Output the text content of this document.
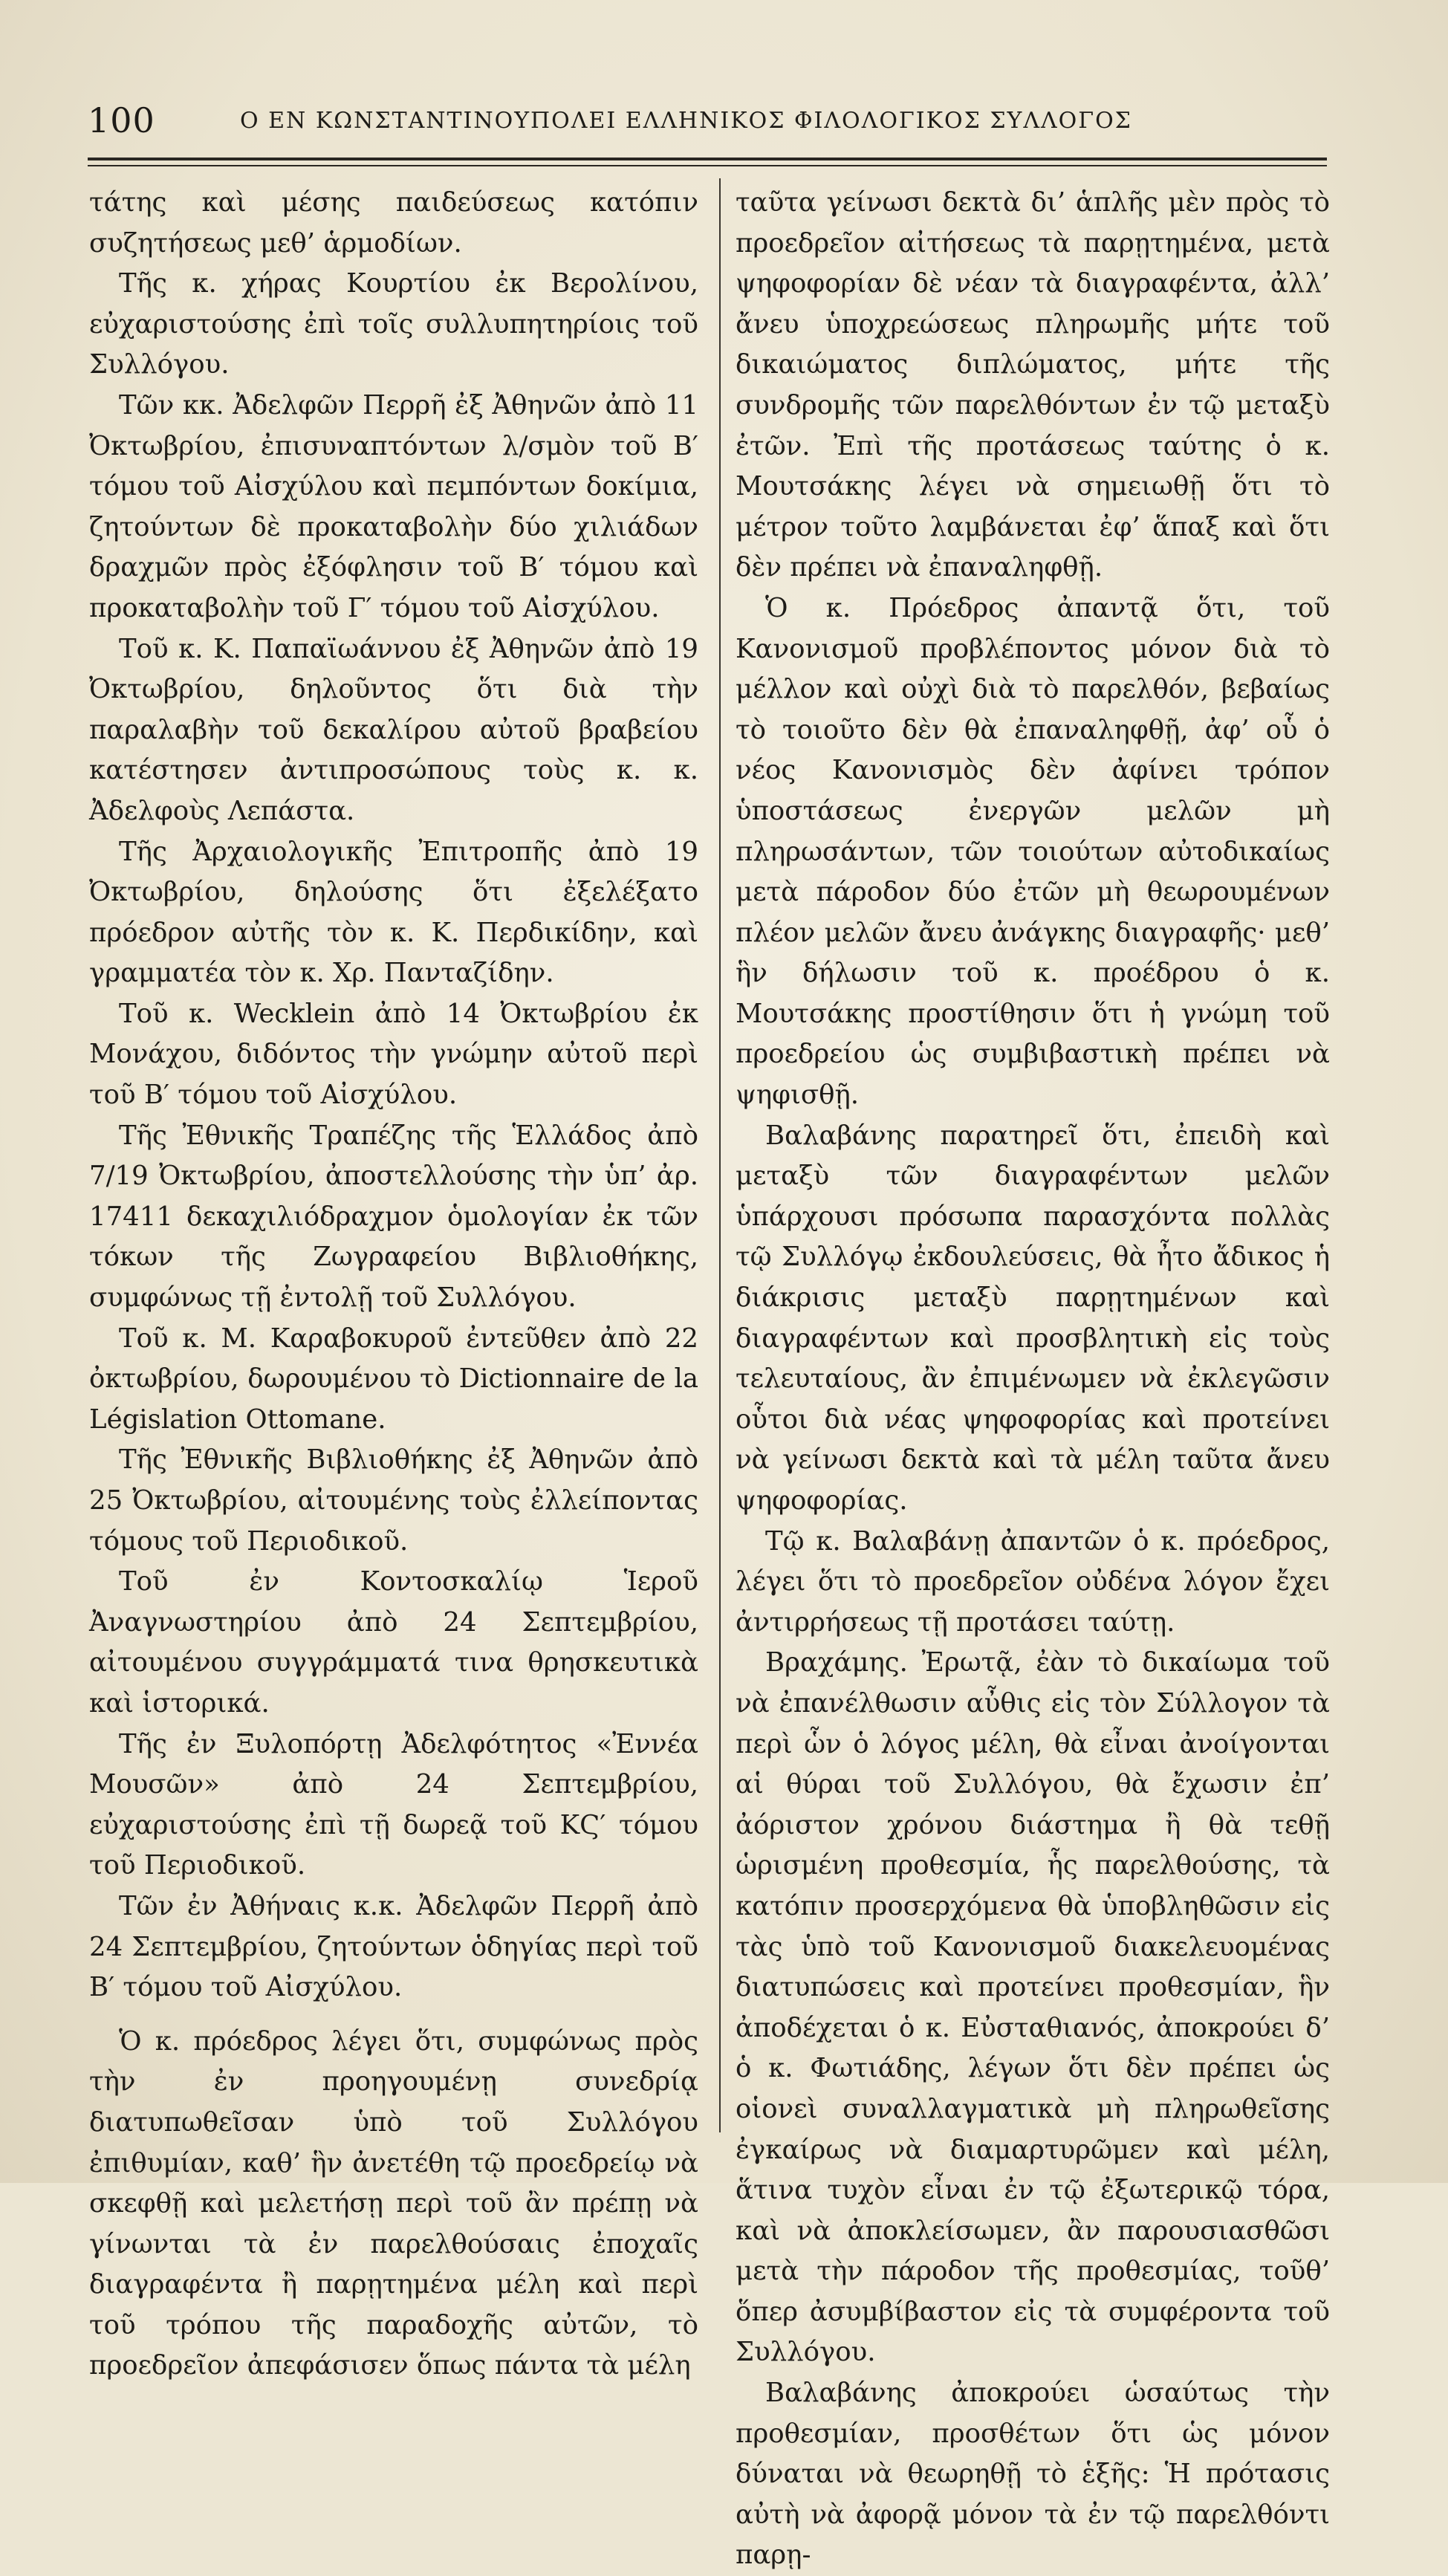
100	Ο ΕΝ ΚΩΝΣΤΑΝΤΙΝΟΥΠΟΛΕΙ ΕΛΛΗΝΙΚΟΣ ΦΙΛΟΛΟΓΙΚΟΣ ΣΥΛΛΟΓΟΣ

τάτης καὶ μέσης παιδεύσεως κατόπιν συζητήσεως μεθ’ ἁρμοδίων.

Τῆς κ. χήρας Κουρτίου ἐκ Βερολίνου, εὐχαριστούσης ἐπὶ τοῖς συλλυπητηρίοις τοῦ Συλλόγου.

Τῶν κκ. Ἀδελφῶν Περρῆ ἐξ Ἀθηνῶν ἀπὸ 11 Ὀκτωβρίου, ἐπισυναπτόντων λ/σμὸν τοῦ Β′ τόμου τοῦ Αἰσχύλου καὶ πεμπόντων δοκίμια, ζητούντων δὲ προκαταβολὴν δύο χιλιάδων δραχμῶν πρὸς ἐξόφλησιν τοῦ Β′ τόμου καὶ προκαταβολὴν τοῦ Γ′ τόμου τοῦ Αἰσχύλου.

Τοῦ κ. Κ. Παπαϊωάννου ἐξ Ἀθηνῶν ἀπὸ 19 Ὀκτωβρίου, δηλοῦντος ὅτι διὰ τὴν παραλαβὴν τοῦ δεκαλίρου αὐτοῦ βραβείου κατέστησεν ἀντιπροσώπους τοὺς κ. κ. Ἀδελφοὺς Λεπάστα.

Τῆς Ἀρχαιολογικῆς Ἐπιτροπῆς ἀπὸ 19 Ὀκτωβρίου, δηλούσης ὅτι ἐξελέξατο πρόεδρον αὐτῆς τὸν κ. Κ. Περδικίδην, καὶ γραμματέα τὸν κ. Χρ. Πανταζίδην.

Τοῦ κ. Wecklein ἀπὸ 14 Ὀκτωβρίου ἐκ Μονάχου, διδόντος τὴν γνώμην αὐτοῦ περὶ τοῦ Β′ τόμου τοῦ Αἰσχύλου.

Τῆς Ἐθνικῆς Τραπέζης τῆς Ἑλλάδος ἀπὸ 7/19 Ὀκτωβρίου, ἀποστελλούσης τὴν ὑπ’ ἀρ. 17411 δεκαχιλιόδραχμον ὁμολογίαν ἐκ τῶν τόκων τῆς Ζωγραφείου Βιβλιοθήκης, συμφώνως τῇ ἐντολῇ τοῦ Συλλόγου.

Τοῦ κ. Μ. Καραβοκυροῦ ἐντεῦθεν ἀπὸ 22 ὀκτωβρίου, δωρουμένου τὸ Dictionnaire de la Législation Ottomane.

Τῆς Ἐθνικῆς Βιβλιοθήκης ἐξ Ἀθηνῶν ἀπὸ 25 Ὀκτωβρίου, αἰτουμένης τοὺς ἐλλείποντας τόμους τοῦ Περιοδικοῦ.

Τοῦ ἐν Κοντοσκαλίῳ Ἱεροῦ Ἀναγνωστηρίου ἀπὸ 24 Σεπτεμβρίου, αἰτουμένου συγγράμματά τινα θρησκευτικὰ καὶ ἱστορικά.

Τῆς ἐν Ξυλοπόρτῃ Ἀδελφότητος «Ἐννέα Μουσῶν» ἀπὸ 24 Σεπτεμβρίου, εὐχαριστούσης ἐπὶ τῇ δωρεᾷ τοῦ ΚϚ′ τόμου τοῦ Περιοδικοῦ.

Τῶν ἐν Ἀθήναις κ.κ. Ἀδελφῶν Περρῆ ἀπὸ 24 Σεπτεμβρίου, ζητούντων ὁδηγίας περὶ τοῦ Β′ τόμου τοῦ Αἰσχύλου.

Ὁ κ. πρόεδρος λέγει ὅτι, συμφώνως πρὸς τὴν ἐν προηγουμένῃ συνεδρίᾳ διατυπωθεῖσαν ὑπὸ τοῦ Συλλόγου ἐπιθυμίαν, καθ’ ἣν ἀνετέθη τῷ προεδρείῳ νὰ σκεφθῇ καὶ μελετήσῃ περὶ τοῦ ἂν πρέπῃ νὰ γίνωνται τὰ ἐν παρελθούσαις ἐποχαῖς διαγραφέντα ἢ παρῃτημένα μέλη καὶ περὶ τοῦ τρόπου τῆς παραδοχῆς αὐτῶν, τὸ προεδρεῖον ἀπεφάσισεν ὅπως πάντα τὰ μέλη

ταῦτα γείνωσι δεκτὰ δι’ ἁπλῆς μὲν πρὸς τὸ προεδρεῖον αἰτήσεως τὰ παρῃτημένα, μετὰ ψηφοφορίαν δὲ νέαν τὰ διαγραφέντα, ἀλλ’ ἄνευ ὑποχρεώσεως πληρωμῆς μήτε τοῦ δικαιώματος διπλώματος, μήτε τῆς συνδρομῆς τῶν παρελθόντων ἐν τῷ μεταξὺ ἐτῶν. Ἐπὶ τῆς προτάσεως ταύτης ὁ κ. Μουτσάκης λέγει νὰ σημειωθῇ ὅτι τὸ μέτρον τοῦτο λαμβάνεται ἐφ’ ἅπαξ καὶ ὅτι δὲν πρέπει νὰ ἐπαναληφθῇ.

Ὁ κ. Πρόεδρος ἀπαντᾷ ὅτι, τοῦ Κανονισμοῦ προβλέποντος μόνον διὰ τὸ μέλλον καὶ οὐχὶ διὰ τὸ παρελθόν, βεβαίως τὸ τοιοῦτο δὲν θὰ ἐπαναληφθῇ, ἀφ’ οὗ ὁ νέος Κανονισμὸς δὲν ἀφίνει τρόπον ὑποστάσεως ἐνεργῶν μελῶν μὴ πληρωσάντων, τῶν τοιούτων αὐτοδικαίως μετὰ πάροδον δύο ἐτῶν μὴ θεωρουμένων πλέον μελῶν ἄνευ ἀνάγκης διαγραφῆς· μεθ’ ἣν δήλωσιν τοῦ κ. προέδρου ὁ κ. Μουτσάκης προστίθησιν ὅτι ἡ γνώμη τοῦ προεδρείου ὡς συμβιβαστικὴ πρέπει νὰ ψηφισθῇ.

Βαλαβάνης παρατηρεῖ ὅτι, ἐπειδὴ καὶ μεταξὺ τῶν διαγραφέντων μελῶν ὑπάρχουσι πρόσωπα παρασχόντα πολλὰς τῷ Συλλόγῳ ἐκδουλεύσεις, θὰ ἦτο ἄδικος ἡ διάκρισις μεταξὺ παρῃτημένων καὶ διαγραφέντων καὶ προσβλητικὴ εἰς τοὺς τελευταίους, ἂν ἐπιμένωμεν νὰ ἐκλεγῶσιν οὗτοι διὰ νέας ψηφοφορίας καὶ προτείνει νὰ γείνωσι δεκτὰ καὶ τὰ μέλη ταῦτα ἄνευ ψηφοφορίας.

Τῷ κ. Βαλαβάνῃ ἀπαντῶν ὁ κ. πρόεδρος, λέγει ὅτι τὸ προεδρεῖον οὐδένα λόγον ἔχει ἀντιρρήσεως τῇ προτάσει ταύτῃ.

Βραχάμης. Ἐρωτᾷ, ἐὰν τὸ δικαίωμα τοῦ νὰ ἐπανέλθωσιν αὖθις εἰς τὸν Σύλλογον τὰ περὶ ὧν ὁ λόγος μέλη, θὰ εἶναι ἀνοίγονται αἱ θύραι τοῦ Συλλόγου, θὰ ἔχωσιν ἐπ’ ἀόριστον χρόνου διάστημα ἢ θὰ τεθῇ ὡρισμένη προθεσμία, ἧς παρελθούσης, τὰ κατόπιν προσερχόμενα θὰ ὑποβληθῶσιν εἰς τὰς ὑπὸ τοῦ Κανονισμοῦ διακελευομένας διατυπώσεις καὶ προτείνει προθεσμίαν, ἣν ἀποδέχεται ὁ κ. Εὐσταθιανός, ἀποκρούει δ’ ὁ κ. Φωτιάδης, λέγων ὅτι δὲν πρέπει ὡς οἱονεὶ συναλλαγματικὰ μὴ πληρωθεῖσης ἐγκαίρως νὰ διαμαρτυρῶμεν καὶ μέλη, ἅτινα τυχὸν εἶναι ἐν τῷ ἐξωτερικῷ τόρα, καὶ νὰ ἀποκλείσωμεν, ἂν παρουσιασθῶσι μετὰ τὴν πάροδον τῆς προθεσμίας, τοῦθ’ ὅπερ ἀσυμβίβαστον εἰς τὰ συμφέροντα τοῦ Συλλόγου.

Βαλαβάνης ἀποκρούει ὡσαύτως τὴν προθεσμίαν, προσθέτων ὅτι ὡς μόνον δύναται νὰ θεωρηθῇ τὸ ἑξῆς: Ἡ πρότασις αὐτὴ νὰ ἀφορᾷ μόνον τὰ ἐν τῷ παρελθόντι παρῃ-
